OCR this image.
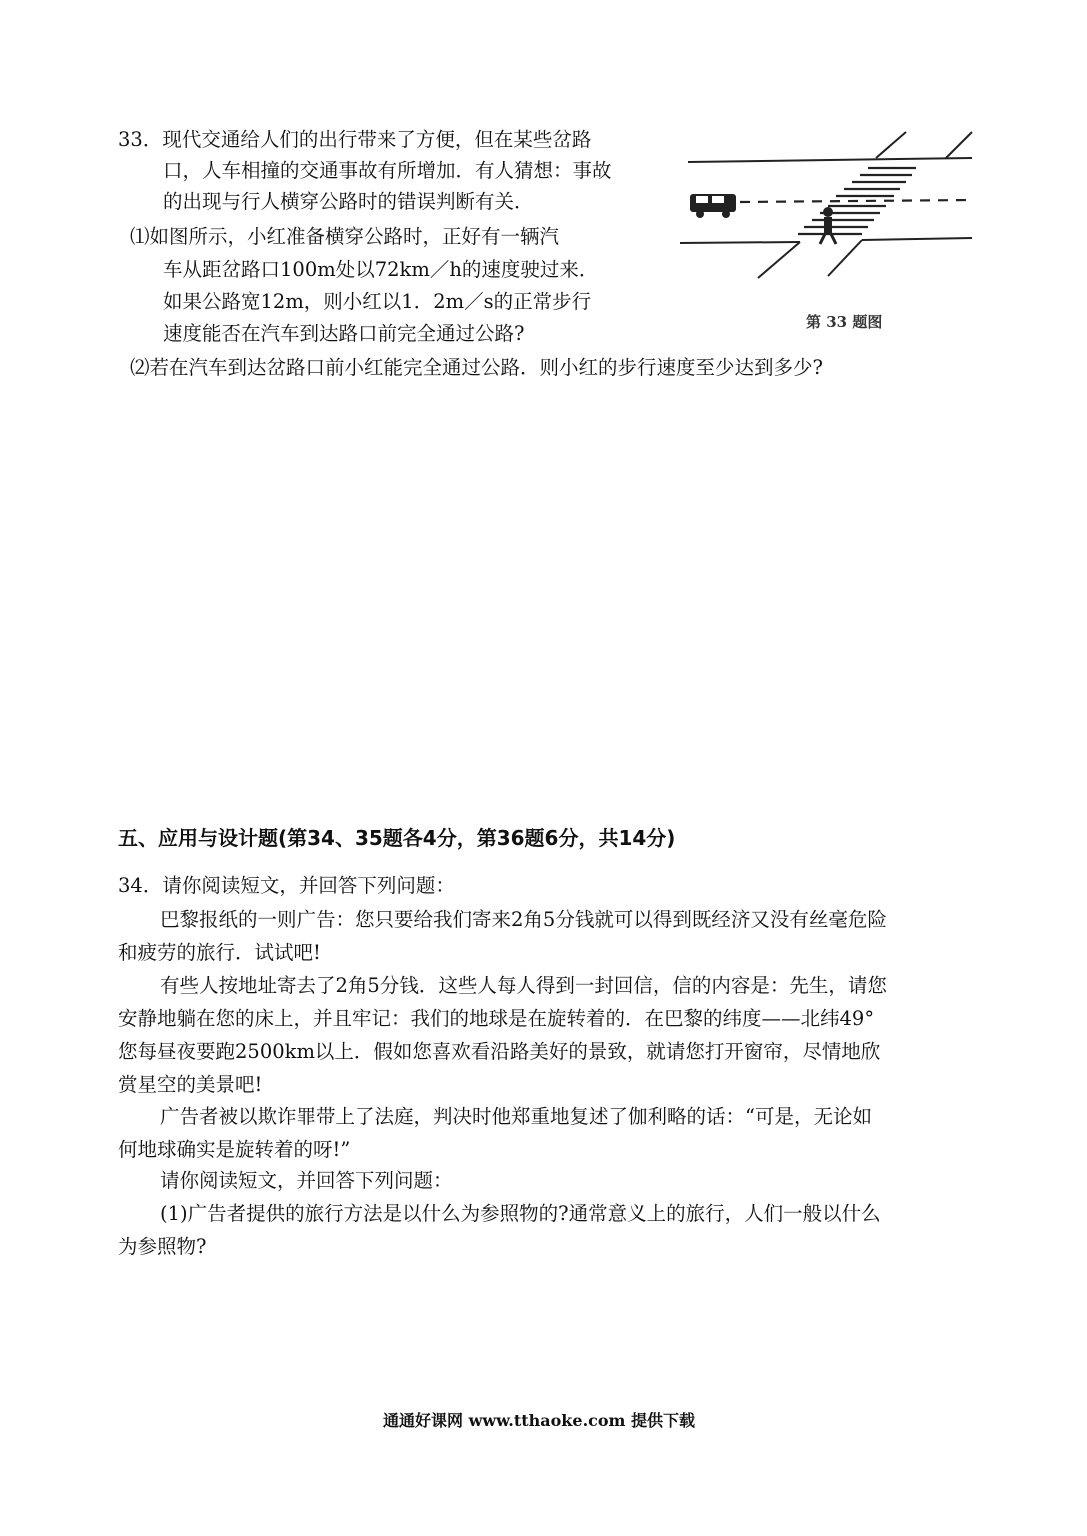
33．现代交通给人们的出行带来了方便，但在某些岔路
口，人车相撞的交通事故有所增加．有人猜想：事故
的出现与行人横穿公路时的错误判断有关．
⑴如图所示，小红准备横穿公路时，正好有一辆汽
车从距岔路口100m处以72km／h的速度驶过来．
如果公路宽12m，则小红以1．2m／s的正常步行
速度能否在汽车到达路口前完全通过公路?
⑵若在汽车到达岔路口前小红能完全通过公路．则小红的步行速度至少达到多少?
第 33 题图
五、应用与设计题(第34、35题各4分，第36题6分，共14分)
34．请你阅读短文，并回答下列问题：
巴黎报纸的一则广告：您只要给我们寄来2角5分钱就可以得到既经济又没有丝毫危险
和疲劳的旅行．试试吧!
有些人按地址寄去了2角5分钱．这些人每人得到一封回信，信的内容是：先生，请您
安静地躺在您的床上，并且牢记：我们的地球是在旋转着的．在巴黎的纬度——北纬49°
您每昼夜要跑2500km以上．假如您喜欢看沿路美好的景致，就请您打开窗帘，尽情地欣
赏星空的美景吧!
广告者被以欺诈罪带上了法庭，判决时他郑重地复述了伽利略的话：“可是，无论如
何地球确实是旋转着的呀!”
请你阅读短文，并回答下列问题：
(1)广告者提供的旅行方法是以什么为参照物的?通常意义上的旅行，人们一般以什么
为参照物?
通通好课网 www.tthaoke.com 提供下载
